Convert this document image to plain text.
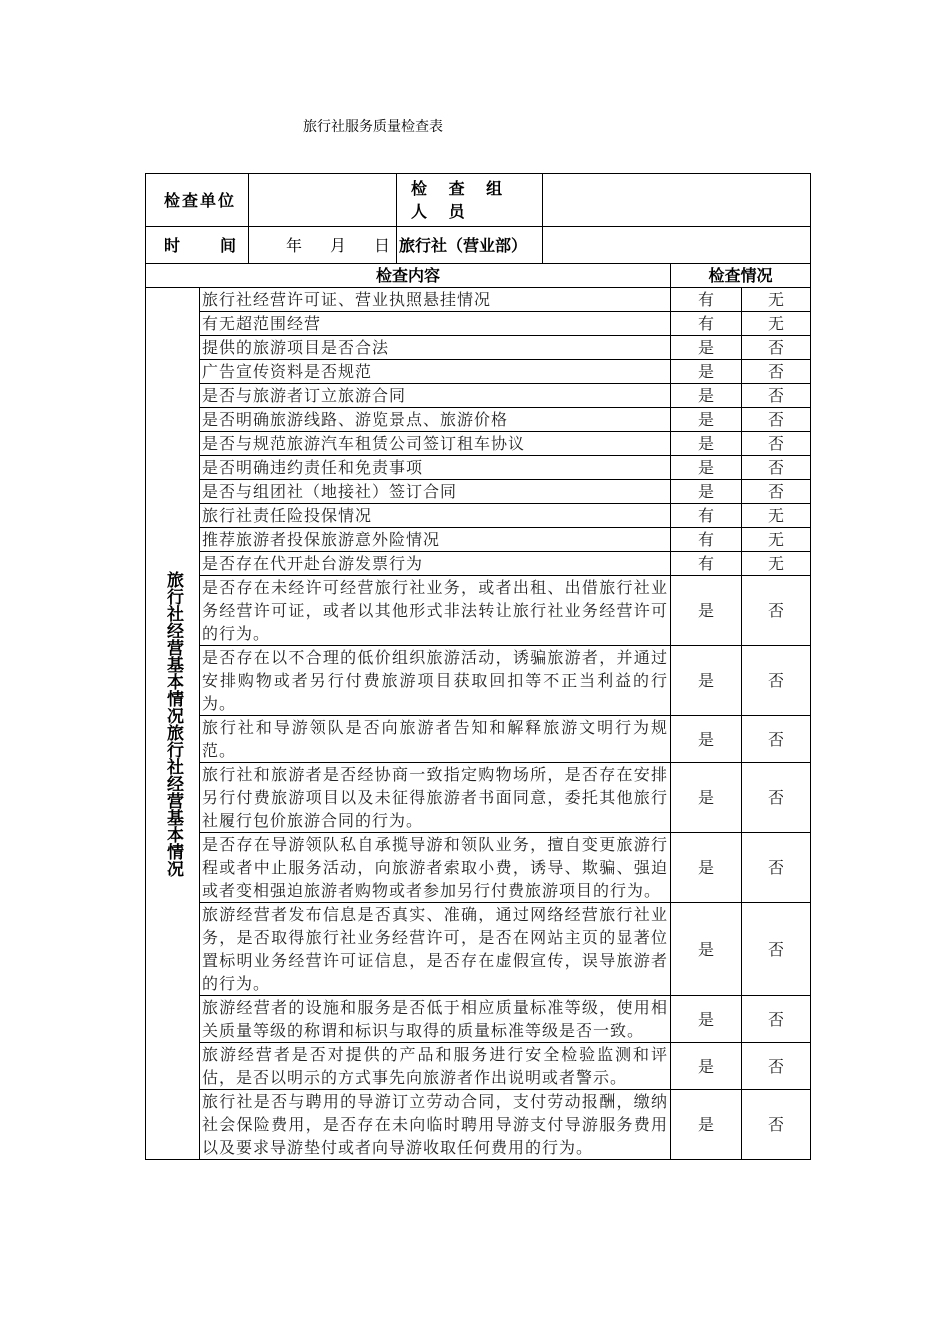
旅行社服务质量检查表
检查单位			检 查 组 人 员			

时 间		年 月 日	旅行社（营业部）			
检查内容					检查情况	

旅行社经营基本情况旅行社经营基本情况	旅行社经营许可证、营业执照悬挂情况				有	无
	有无超范围经营				有	无
	提供的旅游项目是否合法				是	否
	广告宣传资料是否规范				是	否
	是否与旅游者订立旅游合同				是	否
	是否明确旅游线路、游览景点、旅游价格				是	否
	是否与规范旅游汽车租赁公司签订租车协议				是	否
	是否明确违约责任和免责事项				是	否
	是否与组团社（地接社）签订合同				是	否
	旅行社责任险投保情况				有	无
	推荐旅游者投保旅游意外险情况				有	无
	是否存在代开赴台游发票行为				有	无
	是否存在未经许可经营旅行社业务，或者出租、出借旅行社业务经营许可证，或者以其他形式非法转让旅行社业务经营许可的行为。				是	否
	是否存在以不合理的低价组织旅游活动，诱骗旅游者，并通过安排购物或者另行付费旅游项目获取回扣等不正当利益的行为。				是	否
	旅行社和导游领队是否向旅游者告知和解释旅游文明行为规范。				是	否
	旅行社和旅游者是否经协商一致指定购物场所，是否存在安排另行付费旅游项目以及未征得旅游者书面同意，委托其他旅行社履行包价旅游合同的行为。				是	否
	是否存在导游领队私自承揽导游和领队业务，擅自变更旅游行程或者中止服务活动，向旅游者索取小费，诱导、欺骗、强迫或者变相强迫旅游者购物或者参加另行付费旅游项目的行为。				是	否
	旅游经营者发布信息是否真实、准确，通过网络经营旅行社业务，是否取得旅行社业务经营许可，是否在网站主页的显著位置标明业务经营许可证信息，是否存在虚假宣传，误导旅游者的行为。				是	否
	旅游经营者的设施和服务是否低于相应质量标准等级，使用相关质量等级的称谓和标识与取得的质量标准等级是否一致。				是	否
	旅游经营者是否对提供的产品和服务进行安全检验监测和评估，是否以明示的方式事先向旅游者作出说明或者警示。				是	否
	旅行社是否与聘用的导游订立劳动合同，支付劳动报酬，缴纳社会保险费用，是否存在未向临时聘用导游支付导游服务费用以及要求导游垫付或者向导游收取任何费用的行为。				是	否
